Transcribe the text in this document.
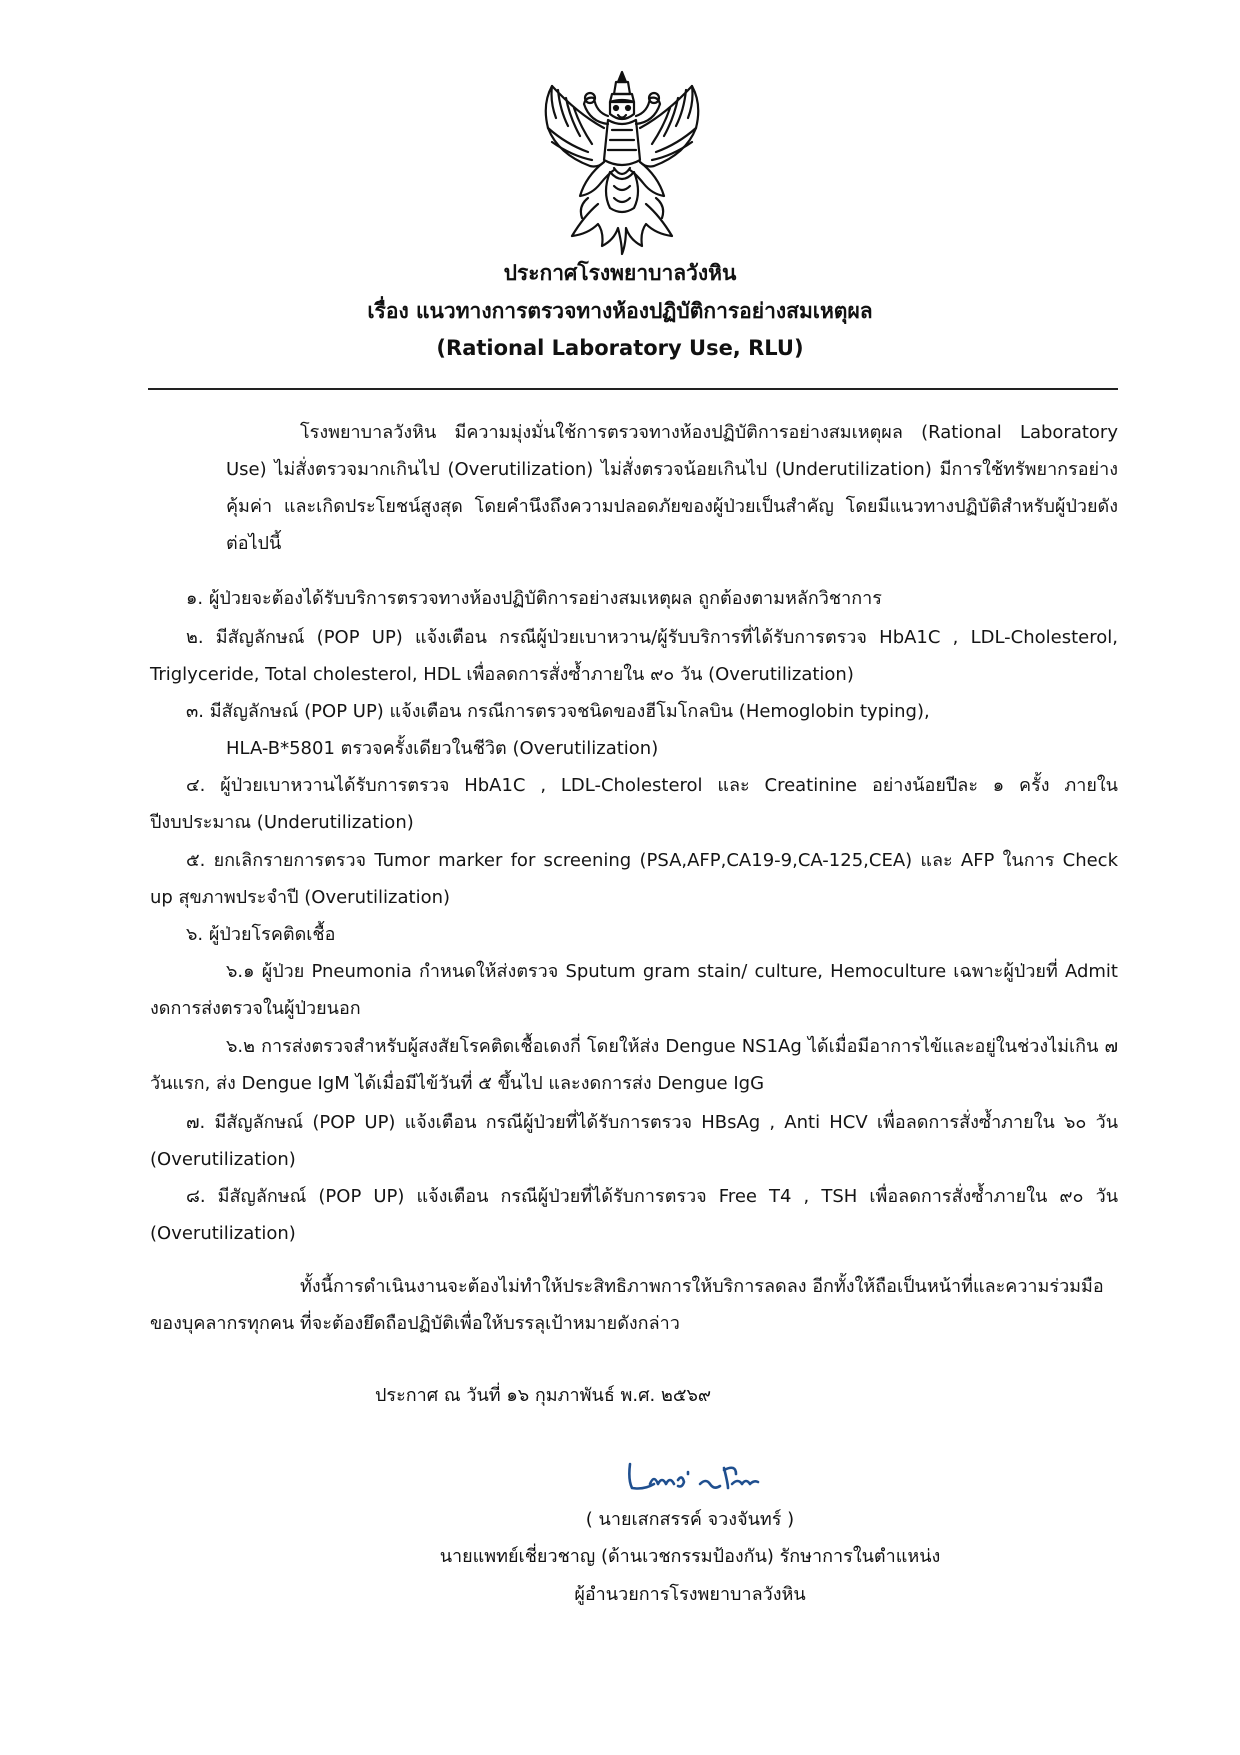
ประกาศโรงพยาบาลวังหิน
เรื่อง แนวทางการตรวจทางห้องปฏิบัติการอย่างสมเหตุผล
(Rational Laboratory Use, RLU)
โรงพยาบาลวังหิน มีความมุ่งมั่นใช้การตรวจทางห้องปฏิบัติการอย่างสมเหตุผล (Rational Laboratory Use) ไม่สั่งตรวจมากเกินไป (Overutilization) ไม่สั่งตรวจน้อยเกินไป (Underutilization) มีการใช้ทรัพยากรอย่างคุ้มค่า และเกิดประโยชน์สูงสุด โดยคำนึงถึงความปลอดภัยของผู้ป่วยเป็นสำคัญ โดยมีแนวทางปฏิบัติสำหรับผู้ป่วยดังต่อไปนี้
๑. ผู้ป่วยจะต้องได้รับบริการตรวจทางห้องปฏิบัติการอย่างสมเหตุผล ถูกต้องตามหลักวิชาการ
๒. มีสัญลักษณ์ (POP UP) แจ้งเตือน กรณีผู้ป่วยเบาหวาน/ผู้รับบริการที่ได้รับการตรวจ HbA1C , LDL-Cholesterol, Triglyceride, Total cholesterol, HDL เพื่อลดการสั่งซ้ำภายใน ๙๐ วัน (Overutilization)
๓. มีสัญลักษณ์ (POP UP) แจ้งเตือน กรณีการตรวจชนิดของฮีโมโกลบิน (Hemoglobin typing),
HLA-B*5801 ตรวจครั้งเดียวในชีวิต (Overutilization)
๔. ผู้ป่วยเบาหวานได้รับการตรวจ HbA1C , LDL-Cholesterol และ Creatinine อย่างน้อยปีละ ๑ ครั้ง ภายในปีงบประมาณ (Underutilization)
๕. ยกเลิกรายการตรวจ Tumor marker for screening (PSA,AFP,CA19-9,CA-125,CEA) และ AFP ในการ Check up สุขภาพประจำปี (Overutilization)
๖. ผู้ป่วยโรคติดเชื้อ
๖.๑ ผู้ป่วย Pneumonia กำหนดให้ส่งตรวจ Sputum gram stain/ culture, Hemoculture เฉพาะผู้ป่วยที่ Admit งดการส่งตรวจในผู้ป่วยนอก
๖.๒ การส่งตรวจสำหรับผู้สงสัยโรคติดเชื้อเดงกี่ โดยให้ส่ง Dengue NS1Ag ได้เมื่อมีอาการไข้และอยู่ในช่วงไม่เกิน ๗ วันแรก, ส่ง Dengue IgM ได้เมื่อมีไข้วันที่ ๕ ขึ้นไป และงดการส่ง Dengue IgG
๗. มีสัญลักษณ์ (POP UP) แจ้งเตือน กรณีผู้ป่วยที่ได้รับการตรวจ HBsAg , Anti HCV เพื่อลดการสั่งซ้ำภายใน ๖๐ วัน (Overutilization)
๘. มีสัญลักษณ์ (POP UP) แจ้งเตือน กรณีผู้ป่วยที่ได้รับการตรวจ Free T4 , TSH เพื่อลดการสั่งซ้ำภายใน ๙๐ วัน (Overutilization)
ทั้งนี้การดำเนินงานจะต้องไม่ทำให้ประสิทธิภาพการให้บริการลดลง อีกทั้งให้ถือเป็นหน้าที่และความร่วมมือของบุคลากรทุกคน ที่จะต้องยึดถือปฏิบัติเพื่อให้บรรลุเป้าหมายดังกล่าว
ประกาศ ณ วันที่ ๑๖ กุมภาพันธ์ พ.ศ. ๒๕๖๙
( นายเสกสรรค์ จวงจันทร์ )
นายแพทย์เชี่ยวชาญ (ด้านเวชกรรมป้องกัน) รักษาการในตำแหน่ง
ผู้อำนวยการโรงพยาบาลวังหิน
